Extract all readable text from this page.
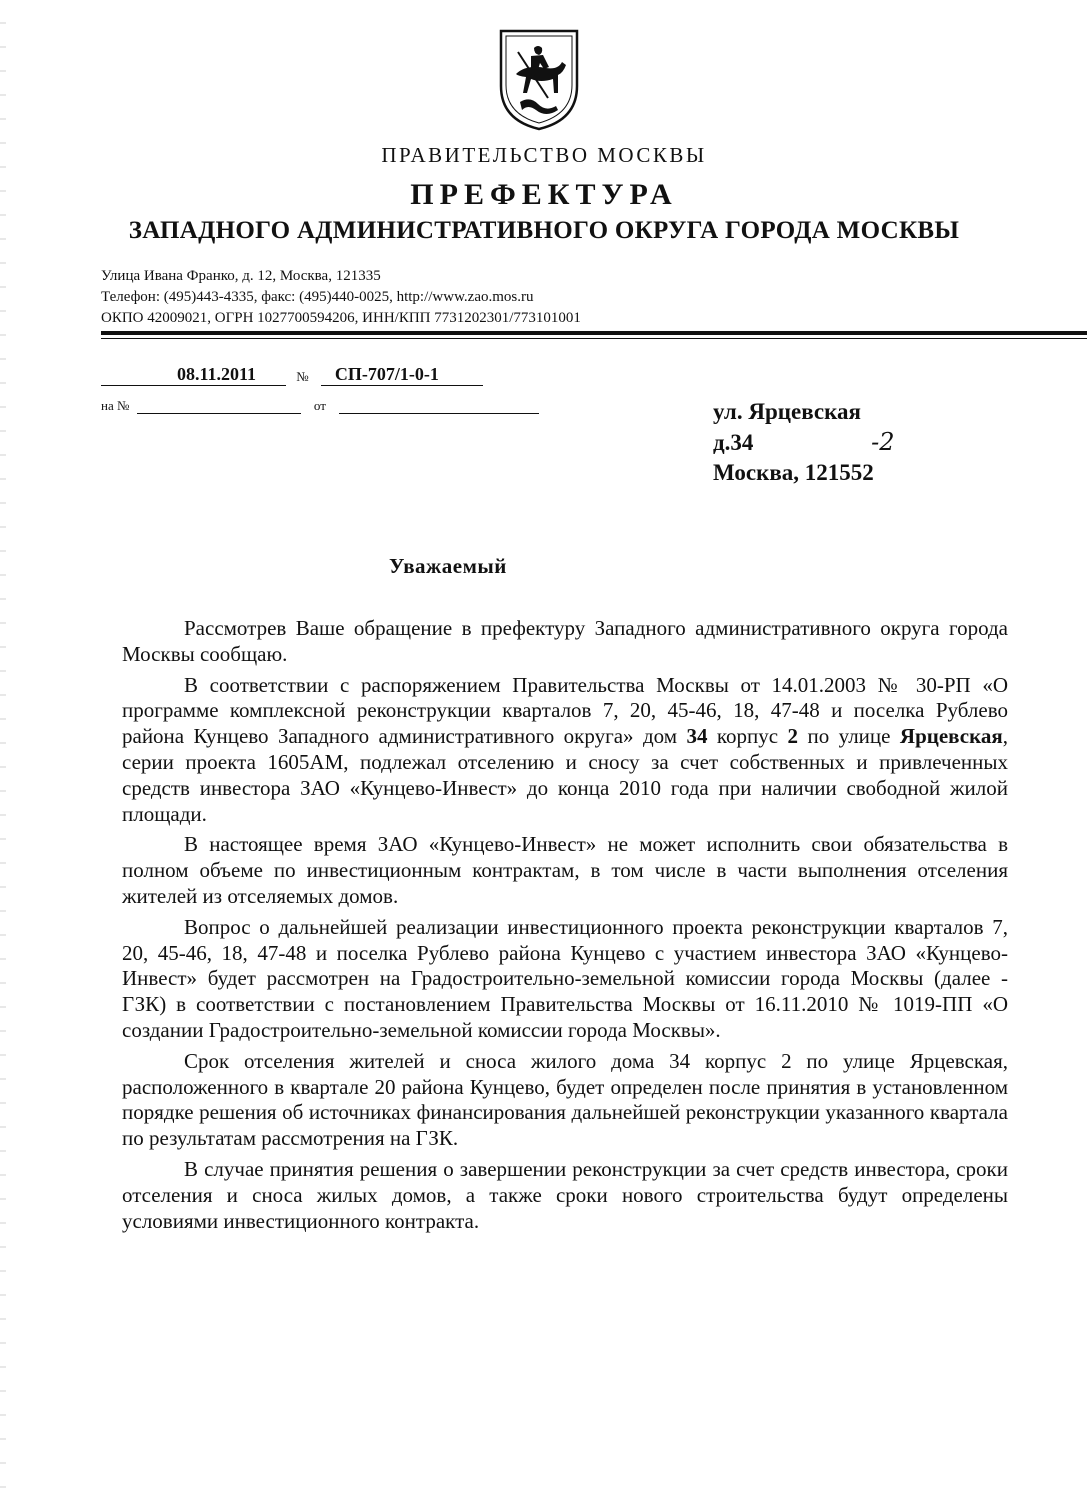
ПРАВИТЕЛЬСТВО МОСКВЫ
ПРЕФЕКТУРА
ЗАПАДНОГО АДМИНИСТРАТИВНОГО ОКРУГА ГОРОДА МОСКВЫ
Улица Ивана Франко, д. 12, Москва, 121335
Телефон: (495)443-4335, факс: (495)440-0025, http://www.zao.mos.ru
ОКПО 42009021, ОГРН 1027700594206, ИНН/КПП 7731202301/773101001
08.11.2011	№ СП-707/1-0-1
на №	от	ул. Ярцевская
д.34	-2
Москва, 121552
Уважаемый

Рассмотрев Ваше обращение в префектуру Западного административного округа города Москвы сообщаю.

В соответствии с распоряжением Правительства Москвы от 14.01.2003 № 30-РП «О программе комплексной реконструкции кварталов 7, 20, 45-46, 18, 47-48 и поселка Рублево района Кунцево Западного административного округа» дом 34 корпус 2 по улице Ярцевская, серии проекта 1605АМ, подлежал отселению и сносу за счет собственных и привлеченных средств инвестора ЗАО «Кунцево-Инвест» до конца 2010 года при наличии свободной жилой площади.

В настоящее время ЗАО «Кунцево-Инвест» не может исполнить свои обязательства в полном объеме по инвестиционным контрактам, в том числе в части выполнения отселения жителей из отселяемых домов.

Вопрос о дальнейшей реализации инвестиционного проекта реконструкции кварталов 7, 20, 45-46, 18, 47-48 и поселка Рублево района Кунцево с участием инвестора ЗАО «Кунцево-Инвест» будет рассмотрен на Градостроительно-земельной комиссии города Москвы (далее - ГЗК) в соответствии с постановлением Правительства Москвы от 16.11.2010 № 1019-ПП «О создании Градостроительно-земельной комиссии города Москвы».

Срок отселения жителей и сноса жилого дома 34 корпус 2 по улице Ярцевская, расположенного в квартале 20 района Кунцево, будет определен после принятия в установленном порядке решения об источниках финансирования дальнейшей реконструкции указанного квартала по результатам рассмотрения на ГЗК.

В случае принятия решения о завершении реконструкции за счет средств инвестора, сроки отселения и сноса жилых домов, а также сроки нового строительства будут определены условиями инвестиционного контракта.
